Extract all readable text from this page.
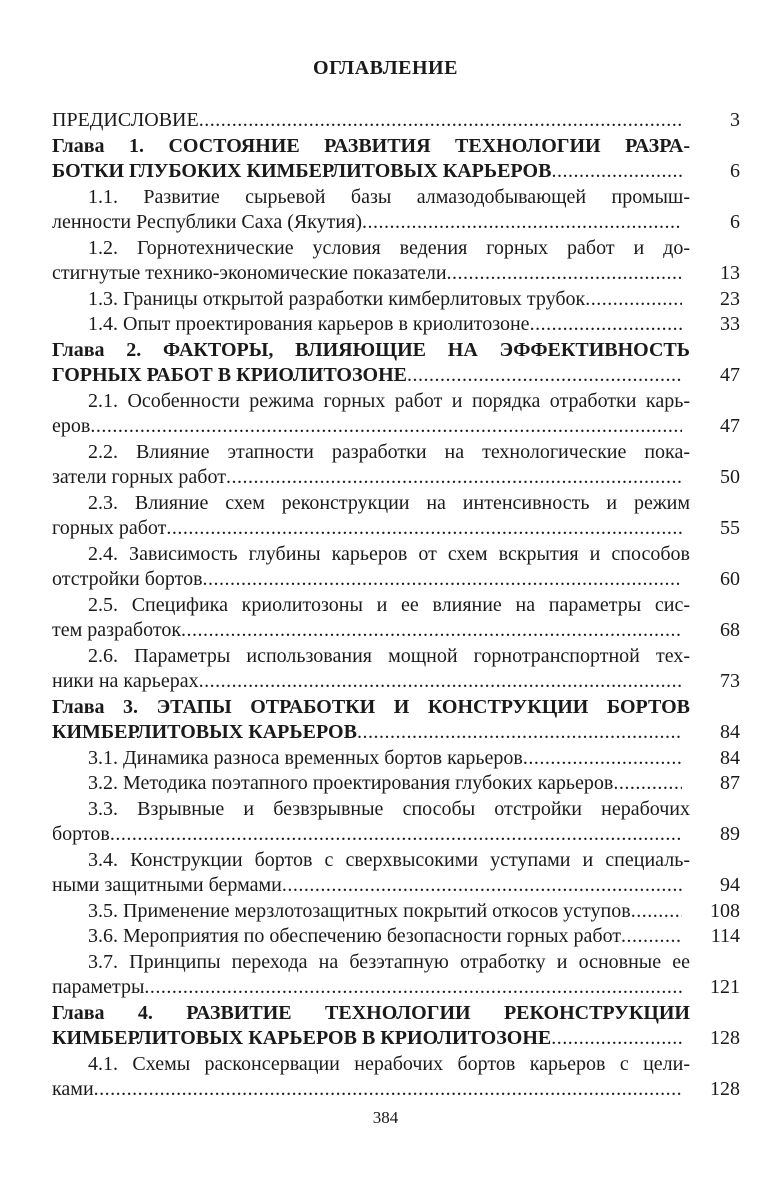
ОГЛАВЛЕНИЕ
ПРЕДИСЛОВИЕ .....	3
Глава 1. СОСТОЯНИЕ РАЗВИТИЯ ТЕХНОЛОГИИ РАЗРА-
БОТКИ ГЛУБОКИХ КИМБЕРЛИТОВЫХ КАРЬЕРОВ .....	6
1.1. Развитие сырьевой базы алмазодобывающей промыш-
ленности Республики Саха (Якутия) .....	6
1.2. Горнотехнические условия ведения горных работ и до-
стигнутые технико-экономические показатели .....	13
1.3. Границы открытой разработки кимберлитовых трубок .....	23
1.4. Опыт проектирования карьеров в криолитозоне .....	33
Глава 2. ФАКТОРЫ, ВЛИЯЮЩИЕ НА ЭФФЕКТИВНОСТЬ
ГОРНЫХ РАБОТ В КРИОЛИТОЗОНЕ .....	47
2.1. Особенности режима горных работ и порядка отработки карь-
еров .....	47
2.2. Влияние этапности разработки на технологические пока-
затели горных работ .....	50
2.3. Влияние схем реконструкции на интенсивность и режим
горных работ .....	55
2.4. Зависимость глубины карьеров от схем вскрытия и способов
отстройки бортов .....	60
2.5. Специфика криолитозоны и ее влияние на параметры сис-
тем разработок .....	68
2.6. Параметры использования мощной горнотранспортной тех-
ники на карьерах .....	73
Глава 3. ЭТАПЫ ОТРАБОТКИ И КОНСТРУКЦИИ БОРТОВ
КИМБЕРЛИТОВЫХ КАРЬЕРОВ .....	84
3.1. Динамика разноса временных бортов карьеров .....	84
3.2. Методика поэтапного проектирования глубоких карьеров .....	87
3.3. Взрывные и безвзрывные способы отстройки нерабочих
бортов .....	89
3.4. Конструкции бортов с сверхвысокими уступами и специаль-
ными защитными бермами .....	94
3.5. Применение мерзлотозащитных покрытий откосов уступов .....	108
3.6. Мероприятия по обеспечению безопасности горных работ .....	114
3.7. Принципы перехода на безэтапную отработку и основные ее
параметры .....	121
Глава 4. РАЗВИТИЕ ТЕХНОЛОГИИ РЕКОНСТРУКЦИИ
КИМБЕРЛИТОВЫХ КАРЬЕРОВ В КРИОЛИТОЗОНЕ .....	128
4.1. Схемы расконсервации нерабочих бортов карьеров с цели-
ками .....	128
384
